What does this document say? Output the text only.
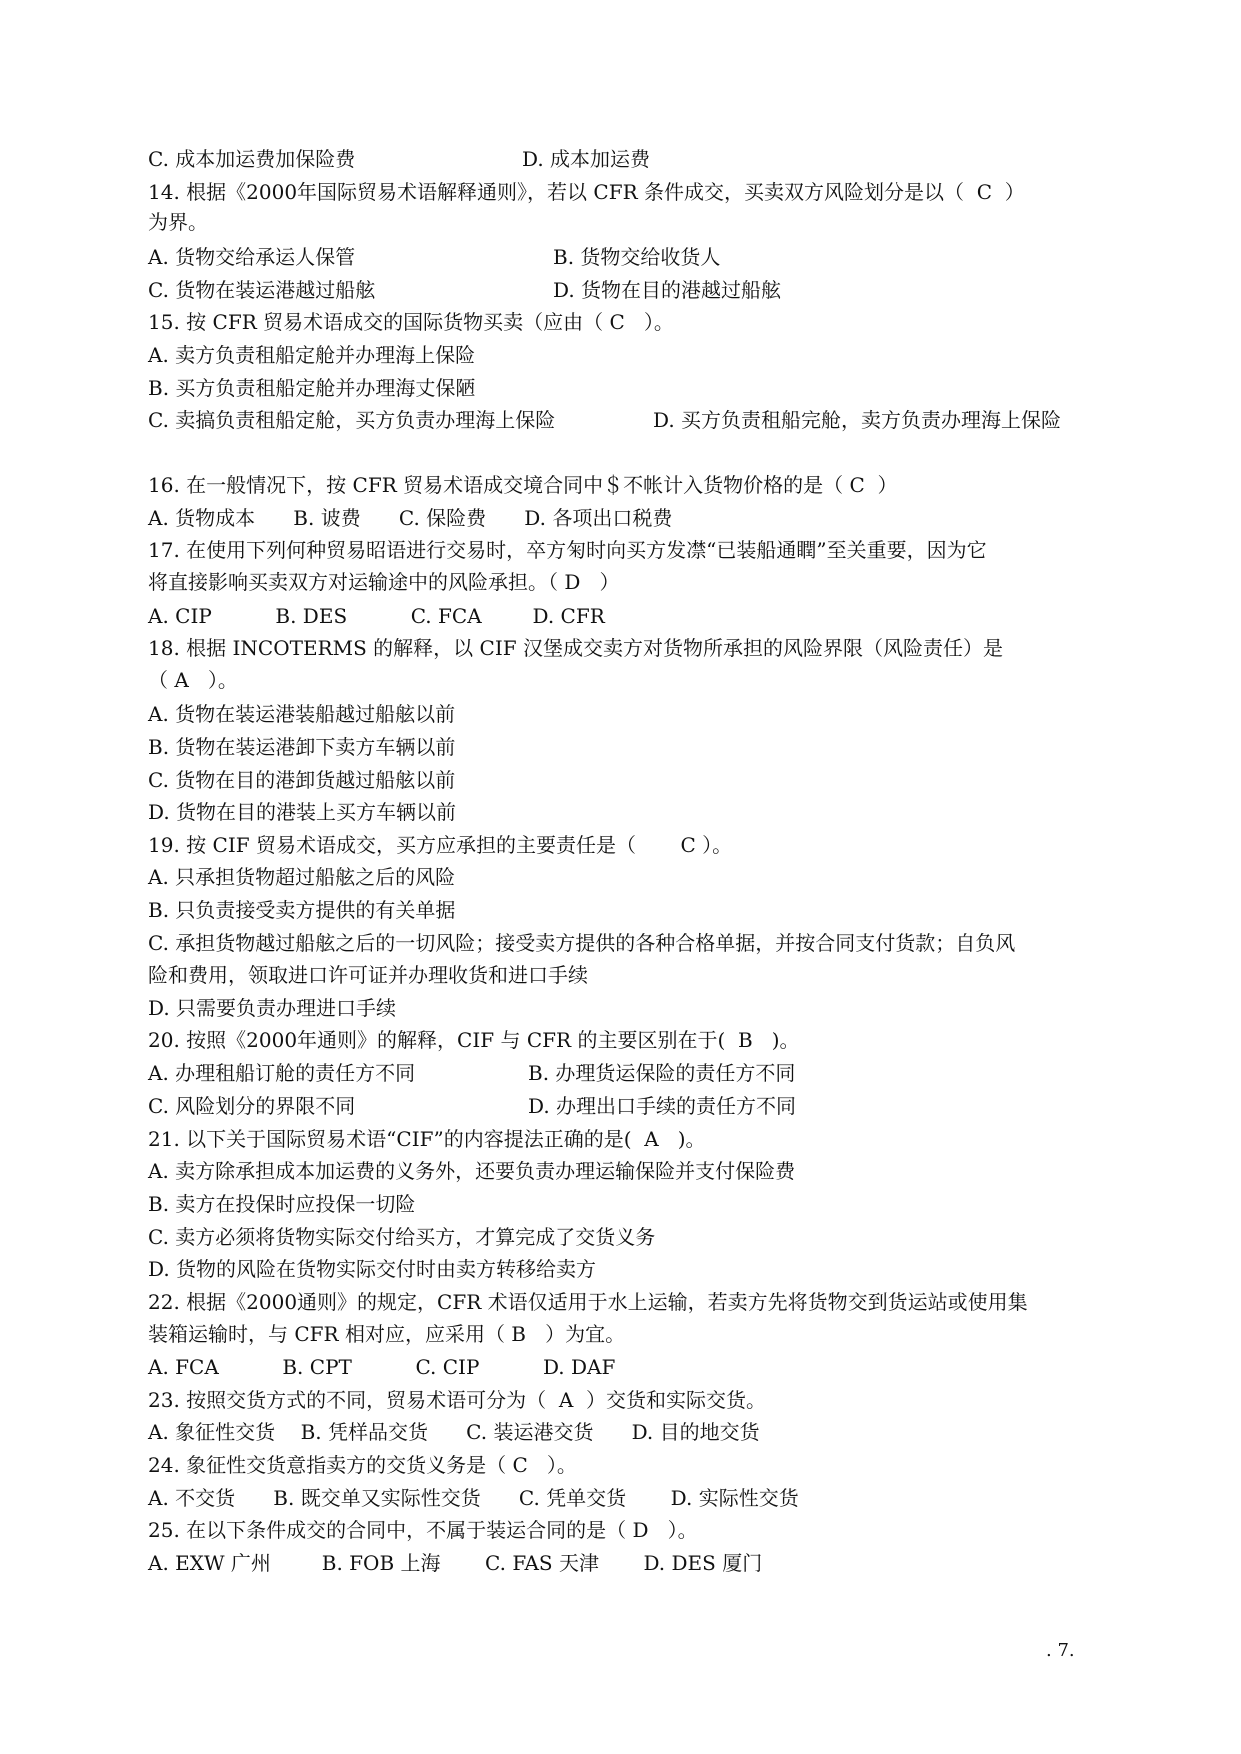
C. 成本加运费加保险费	D. 成本加运费
14. 根据《2000年国际贸易术语解释通则》，若以 CFR 条件成交，买卖双方风险划分是以（  C  ）
为界。
A. 货物交给承运人保管	B. 货物交给收货人
C. 货物在装运港越过船舷	D. 货物在目的港越过船舷
15. 按 CFR 贸易术语成交的国际货物买卖（应由（ C   ）。
A. 卖方负责租船定舱并办理海上保险
B. 买方负责租船定舱并办理海丈保陋
C. 卖搞负责租船定舱，买方负责办理海上保险	D. 买方负责租船完舱，卖方负责办理海上保险
16. 在一般情况下，按 CFR 贸易术语成交境合同中＄不帐计入货物价格的是（ C  ）
A. 货物成本      B. 诐费      C. 保险费      D. 各项出口税费
17. 在使用下列何种贸易昭语进行交易时，卒方匊时向买方发凚“已装船通瞤”至关重要，因为它
将直接影响买卖双方对运输途中的风险承担。（ D   ）
A. CIP          B. DES          C. FCA        D. CFR
18. 根据 INCOTERMS 的解释，以 CIF 汉堡成交卖方对货物所承担的风险界限（风险责任）是
（ A   ）。
A. 货物在装运港装船越过船舷以前
B. 货物在装运港卸下卖方车辆以前
C. 货物在目的港卸货越过船舷以前
D. 货物在目的港装上买方车辆以前
19. 按 CIF 贸易术语成交，买方应承担的主要责任是（       C ）。
A. 只承担货物超过船舷之后的风险
B. 只负责接受卖方提供的有关单据
C. 承担货物越过船舷之后的一切风险；接受卖方提供的各种合格单据，并按合同支付货款；自负风
险和费用，领取进口许可证并办理收货和进口手续
D. 只需要负责办理进口手续
20. 按照《2000年通则》的解释，CIF 与 CFR 的主要区别在于(  B   )。
A. 办理租船订舱的责任方不同	B. 办理货运保险的责任方不同
C. 风险划分的界限不同	D. 办理出口手续的责任方不同
21. 以下关于国际贸易术语“CIF”的内容提法正确的是(  A   )。
A. 卖方除承担成本加运费的义务外，还要负责办理运输保险并支付保险费
B. 卖方在投保时应投保一切险
C. 卖方必须将货物实际交付给买方，才算完成了交货义务
D. 货物的风险在货物实际交付时由卖方转移给卖方
22. 根据《2000通则》的规定，CFR 术语仅适用于水上运输，若卖方先将货物交到货运站或使用集
装箱运输时，与 CFR 相对应，应采用（ B   ）为宜。
A. FCA          B. CPT          C. CIP          D. DAF
23. 按照交货方式的不同，贸易术语可分为（  A  ）交货和实际交货。
A. 象征性交货    B. 凭样品交货      C. 装运港交货      D. 目的地交货
24. 象征性交货意指卖方的交货义务是（ C   ）。
A. 不交货      B. 既交单又实际性交货      C. 凭单交货       D. 实际性交货
25. 在以下条件成交的合同中，不属于装运合同的是（ D   ）。
A. EXW 广州        B. FOB 上海       C. FAS 天津       D. DES 厦门
. 7.
